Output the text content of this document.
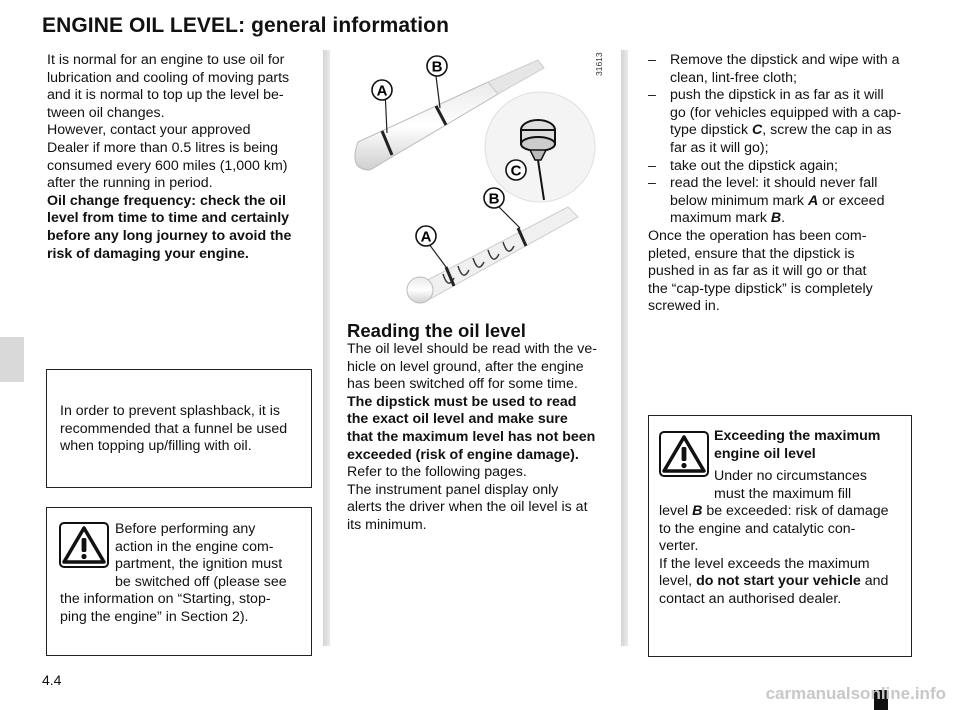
ENGINE OIL LEVEL: general information

It is normal for an engine to use oil for

lubrication and cooling of moving parts

and it is normal to top up the level be-

tween oil changes.

However, contact your approved

Dealer if more than 0.5 litres is being

consumed every 600 miles (1,000 km)

after the running in period.

Oil change frequency: check the oil

level from time to time and certainly

before any long journey to avoid the

risk of damaging your engine.

In order to prevent splashback, it is

recommended that a funnel be used

when topping up/filling with oil.

Before performing any

action in the engine com-

partment, the ignition must

be switched off (please see

the information on “Starting, stop-

ping the engine” in Section 2).

31613
A
B
C
A
B
Reading the oil level

The oil level should be read with the ve-

hicle on level ground, after the engine

has been switched off for some time.

The dipstick must be used to read

the exact oil level and make sure

that the maximum level has not been

exceeded (risk of engine damage).

Refer to the following pages.

The instrument panel display only

alerts the driver when the oil level is at

its minimum.

– Remove the dipstick and wipe with a

clean, lint-free cloth;

– push the dipstick in as far as it will

go (for vehicles equipped with a cap-

type dipstick C, screw the cap in as

far as it will go);

– take out the dipstick again;

– read the level: it should never fall

below minimum mark A or exceed

maximum mark B.

Once the operation has been com-

pleted, ensure that the dipstick is

pushed in as far as it will go or that

the “cap-type dipstick” is completely

screwed in.

Exceeding the maximum

engine oil level

Under no circumstances

must the maximum fill

level B be exceeded: risk of damage

to the engine and catalytic con-

verter.

If the level exceeds the maximum

level, do not start your vehicle and

contact an authorised dealer.

4.4
carmanualsonline.info
